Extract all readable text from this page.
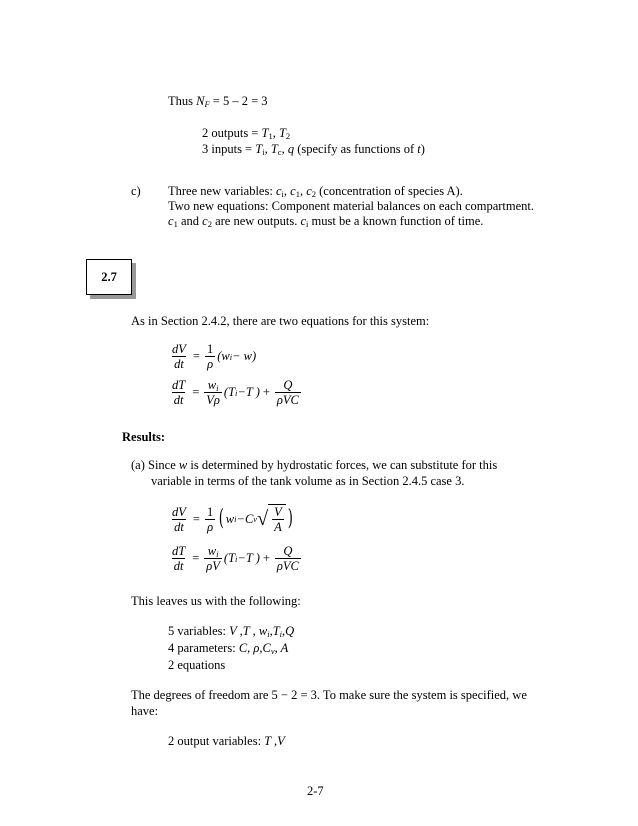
Thus $N_F = 5 - 2 = 3$
2 outputs = $T_1$, $T_2$
3 inputs = $T_i$, $T_c$, q (specify as functions of t)
c) Three new variables: $c_i$, $c_1$, $c_2$ (concentration of species A).
Two new equations: Component material balances on each compartment.
$c_1$ and $c_2$ are new outputs. $c_i$ must be a known function of time.
2.7
As in Section 2.4.2, there are two equations for this system:
$\frac{dV}{dt} = \frac{1}{\rho} (w$ i − w)
$\frac{dT}{dt} = \frac{w_i}{V\rho} (T$ i −T ) + $\frac{Q}{\text{ρVC}}$
Results:
(a) Since w is determined by hydrostatic forces, we can substitute for this
variable in terms of the tank volume as in Section 2.4.5 case 3.
$\frac{dV}{dt} = \frac{1}{\rho}$ ( w i −C v √ $\frac{V}{A}$ )
$\frac{dT}{dt} = \frac{w_i}{\rho V} (T$ i −T ) + $\frac{Q}{\text{ρVC}}$
This leaves us with the following:
5 variables: V ,T , $w_i,T_i,Q$
4 parameters: C, $\rho,C_v$, A
2 equations
The degrees of freedom are 5 − 2 = 3. To make sure the system is specified, we
have:
2 output variables: T ,V
2-7
